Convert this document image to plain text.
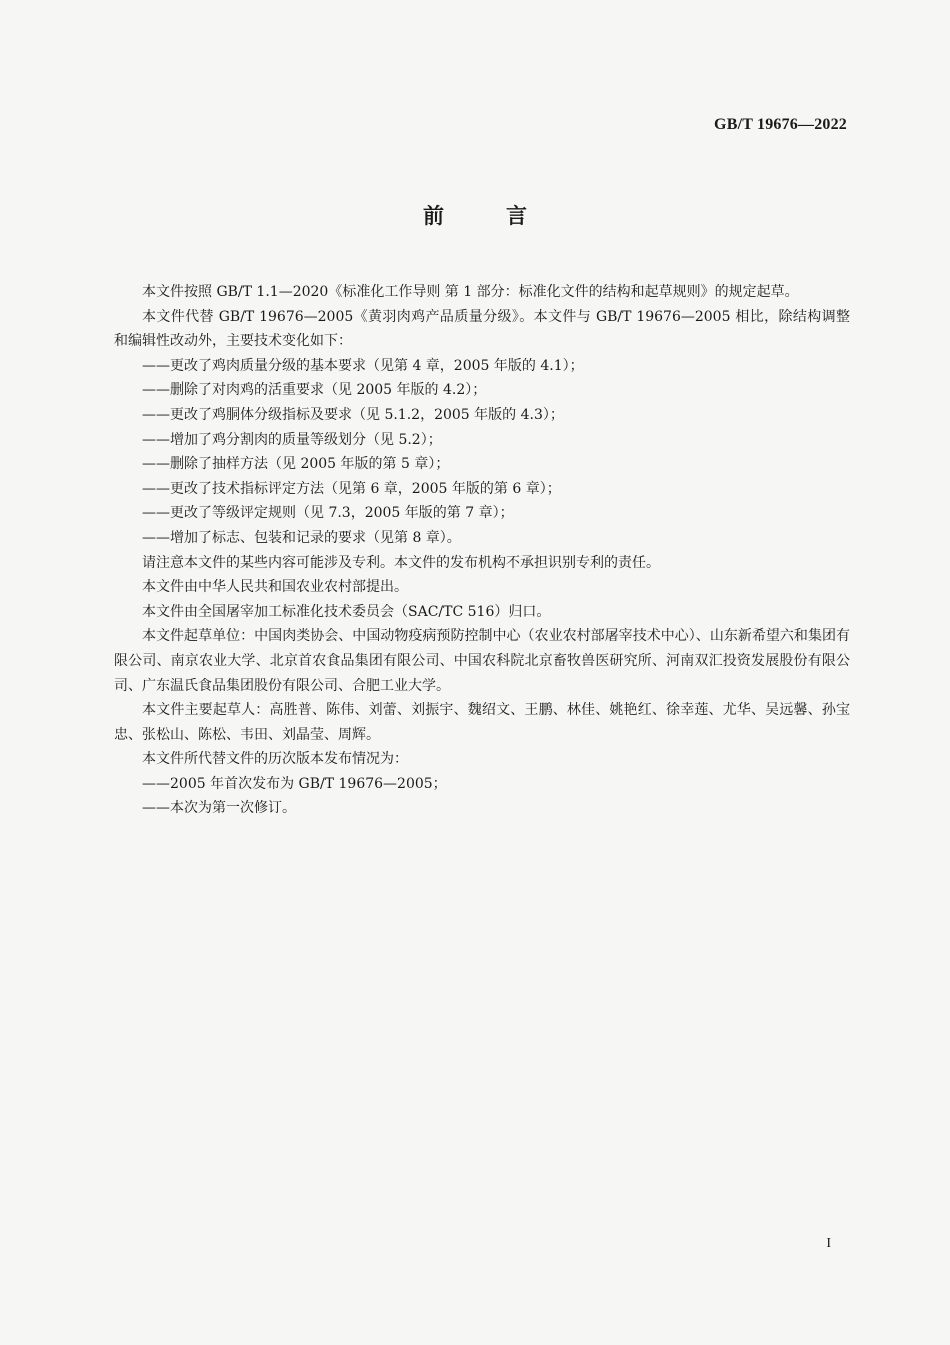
GB/T 19676—2022
前言

本文件按照 GB/T 1.1—2020《标准化工作导则 第 1 部分：标准化文件的结构和起草规则》的规定起草。

本文件代替 GB/T 19676—2005《黄羽肉鸡产品质量分级》。本文件与 GB/T 19676—2005 相比，除结构调整和编辑性改动外，主要技术变化如下：

——更改了鸡肉质量分级的基本要求（见第 4 章，2005 年版的 4.1）；

——删除了对肉鸡的活重要求（见 2005 年版的 4.2）；

——更改了鸡胴体分级指标及要求（见 5.1.2，2005 年版的 4.3）；

——增加了鸡分割肉的质量等级划分（见 5.2）；

——删除了抽样方法（见 2005 年版的第 5 章）；

——更改了技术指标评定方法（见第 6 章，2005 年版的第 6 章）；

——更改了等级评定规则（见 7.3，2005 年版的第 7 章）；

——增加了标志、包装和记录的要求（见第 8 章）。

请注意本文件的某些内容可能涉及专利。本文件的发布机构不承担识别专利的责任。

本文件由中华人民共和国农业农村部提出。

本文件由全国屠宰加工标准化技术委员会（SAC/TC 516）归口。

本文件起草单位：中国肉类协会、中国动物疫病预防控制中心（农业农村部屠宰技术中心）、山东新希望六和集团有限公司、南京农业大学、北京首农食品集团有限公司、中国农科院北京畜牧兽医研究所、河南双汇投资发展股份有限公司、广东温氏食品集团股份有限公司、合肥工业大学。

本文件主要起草人：高胜普、陈伟、刘蕾、刘振宇、魏绍文、王鹏、林佳、姚艳红、徐幸莲、尤华、吴远馨、孙宝忠、张松山、陈松、韦田、刘晶莹、周辉。

本文件所代替文件的历次版本发布情况为：

——2005 年首次发布为 GB/T 19676—2005；

——本次为第一次修订。

I
